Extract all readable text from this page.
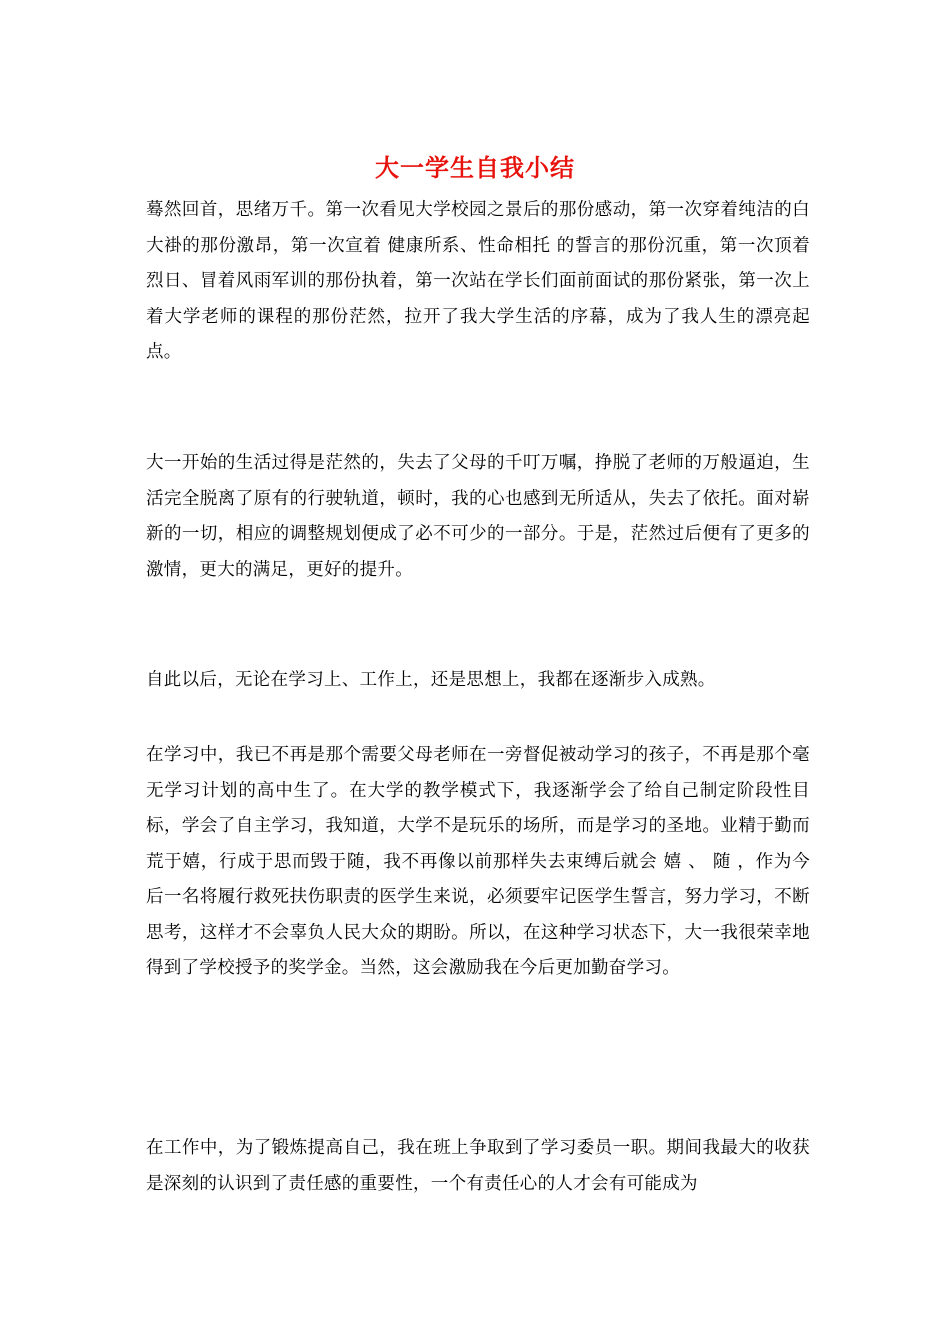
大一学生自我小结

蓦然回首，思绪万千。第一次看见大学校园之景后的那份感动，第一次穿着纯洁的白大褂的那份激昂，第一次宣着 健康所系、性命相托 的誓言的那份沉重，第一次顶着烈日、冒着风雨军训的那份执着，第一次站在学长们面前面试的那份紧张，第一次上着大学老师的课程的那份茫然，拉开了我大学生活的序幕，成为了我人生的漂亮起点。

大一开始的生活过得是茫然的，失去了父母的千叮万嘱，挣脱了老师的万般逼迫，生活完全脱离了原有的行驶轨道，顿时，我的心也感到无所适从，失去了依托。面对崭新的一切，相应的调整规划便成了必不可少的一部分。于是，茫然过后便有了更多的激情，更大的满足，更好的提升。

自此以后，无论在学习上、工作上，还是思想上，我都在逐渐步入成熟。

在学习中，我已不再是那个需要父母老师在一旁督促被动学习的孩子，不再是那个毫无学习计划的高中生了。在大学的教学模式下，我逐渐学会了给自己制定阶段性目标，学会了自主学习，我知道，大学不是玩乐的场所，而是学习的圣地。业精于勤而荒于嬉，行成于思而毁于随，我不再像以前那样失去束缚后就会 嬉 、 随 ，作为今后一名将履行救死扶伤职责的医学生来说，必须要牢记医学生誓言，努力学习，不断思考，这样才不会辜负人民大众的期盼。所以，在这种学习状态下，大一我很荣幸地得到了学校授予的奖学金。当然，这会激励我在今后更加勤奋学习。

在工作中，为了锻炼提高自己，我在班上争取到了学习委员一职。期间我最大的收获是深刻的认识到了责任感的重要性，一个有责任心的人才会有可能成为
